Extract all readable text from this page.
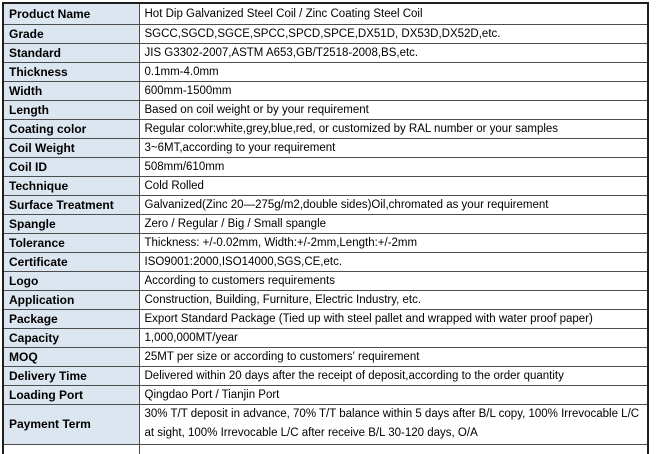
Product Name	Hot Dip Galvanized Steel Coil / Zinc Coating Steel Coil
Grade	SGCC,SGCD,SGCE,SPCC,SPCD,SPCE,DX51D, DX53D,DX52D,etc.
Standard	JIS G3302-2007,ASTM A653,GB/T2518-2008,BS,etc.
Thickness	0.1mm-4.0mm
Width	600mm-1500mm
Length	Based on coil weight or by your requirement
Coating color	Regular color:white,grey,blue,red, or customized by RAL number or your samples
Coil Weight	3~6MT,according to your requirement
Coil ID	508mm/610mm
Technique	Cold Rolled
Surface Treatment	Galvanized(Zinc 20—275g/m2,double sides)Oil,chromated as your requirement
Spangle	Zero / Regular / Big / Small spangle
Tolerance	Thickness: +/-0.02mm, Width:+/-2mm,Length:+/-2mm
Certificate	ISO9001:2000,ISO14000,SGS,CE,etc.
Logo	According to customers requirements
Application	Construction, Building, Furniture, Electric Industry, etc.
Package	Export Standard Package (Tied up with steel pallet and wrapped with water proof paper)
Capacity	1,000,000MT/year
MOQ	25MT per size or according to customers' requirement
Delivery Time	Delivered within 20 days after the receipt of deposit,according to the order quantity
Loading Port	Qingdao Port / Tianjin Port
Payment Term	30% T/T deposit in advance, 70% T/T balance within 5 days after B/L copy, 100% Irrevocable L/C at sight, 100% Irrevocable L/C after receive B/L 30-120 days, O/A
